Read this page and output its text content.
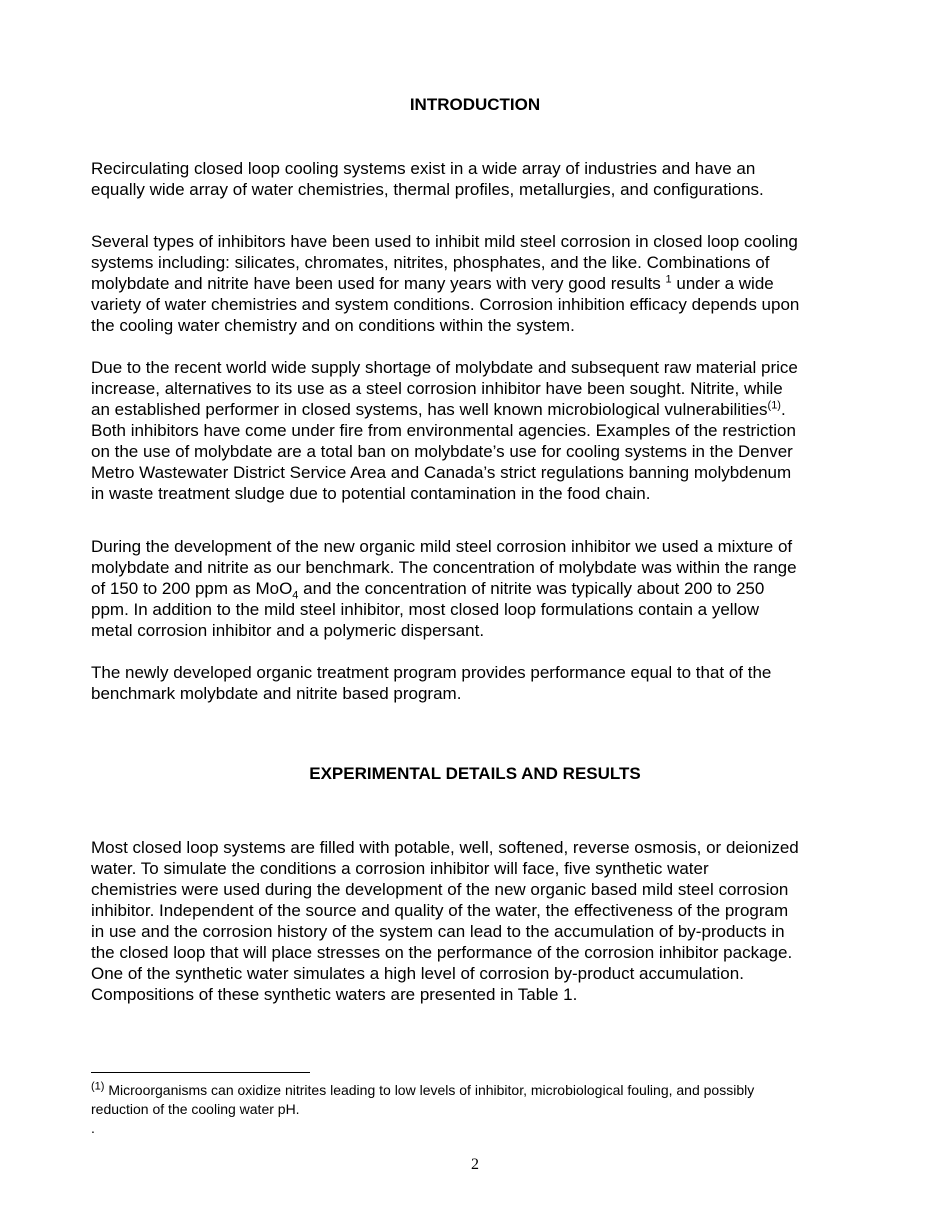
INTRODUCTION

Recirculating closed loop cooling systems exist in a wide array of industries and have an
equally wide array of water chemistries, thermal profiles, metallurgies, and configurations.

Several types of inhibitors have been used to inhibit mild steel corrosion in closed loop cooling
systems including: silicates, chromates, nitrites, phosphates, and the like. Combinations of
molybdate and nitrite have been used for many years with very good results $^1$ under a wide
variety of water chemistries and system conditions. Corrosion inhibition efficacy depends upon
the cooling water chemistry and on conditions within the system.

Due to the recent world wide supply shortage of molybdate and subsequent raw material price
increase, alternatives to its use as a steel corrosion inhibitor have been sought. Nitrite, while
an established performer in closed systems, has well known microbiological vulnerabilities$^{(1)}$.
Both inhibitors have come under fire from environmental agencies. Examples of the restriction
on the use of molybdate are a total ban on molybdate’s use for cooling systems in the Denver
Metro Wastewater District Service Area and Canada’s strict regulations banning molybdenum
in waste treatment sludge due to potential contamination in the food chain.

During the development of the new organic mild steel corrosion inhibitor we used a mixture of
molybdate and nitrite as our benchmark. The concentration of molybdate was within the range
of 150 to 200 ppm as MoO$_4$ and the concentration of nitrite was typically about 200 to 250
ppm. In addition to the mild steel inhibitor, most closed loop formulations contain a yellow
metal corrosion inhibitor and a polymeric dispersant.

The newly developed organic treatment program provides performance equal to that of the
benchmark molybdate and nitrite based program.

EXPERIMENTAL DETAILS AND RESULTS

Most closed loop systems are filled with potable, well, softened, reverse osmosis, or deionized
water. To simulate the conditions a corrosion inhibitor will face, five synthetic water
chemistries were used during the development of the new organic based mild steel corrosion
inhibitor. Independent of the source and quality of the water, the effectiveness of the program
in use and the corrosion history of the system can lead to the accumulation of by-products in
the closed loop that will place stresses on the performance of the corrosion inhibitor package.
One of the synthetic water simulates a high level of corrosion by-product accumulation.
Compositions of these synthetic waters are presented in Table 1.

$^{(1)}$ Microorganisms can oxidize nitrites leading to low levels of inhibitor, microbiological fouling, and possibly
reduction of the cooling water pH.
.

2
